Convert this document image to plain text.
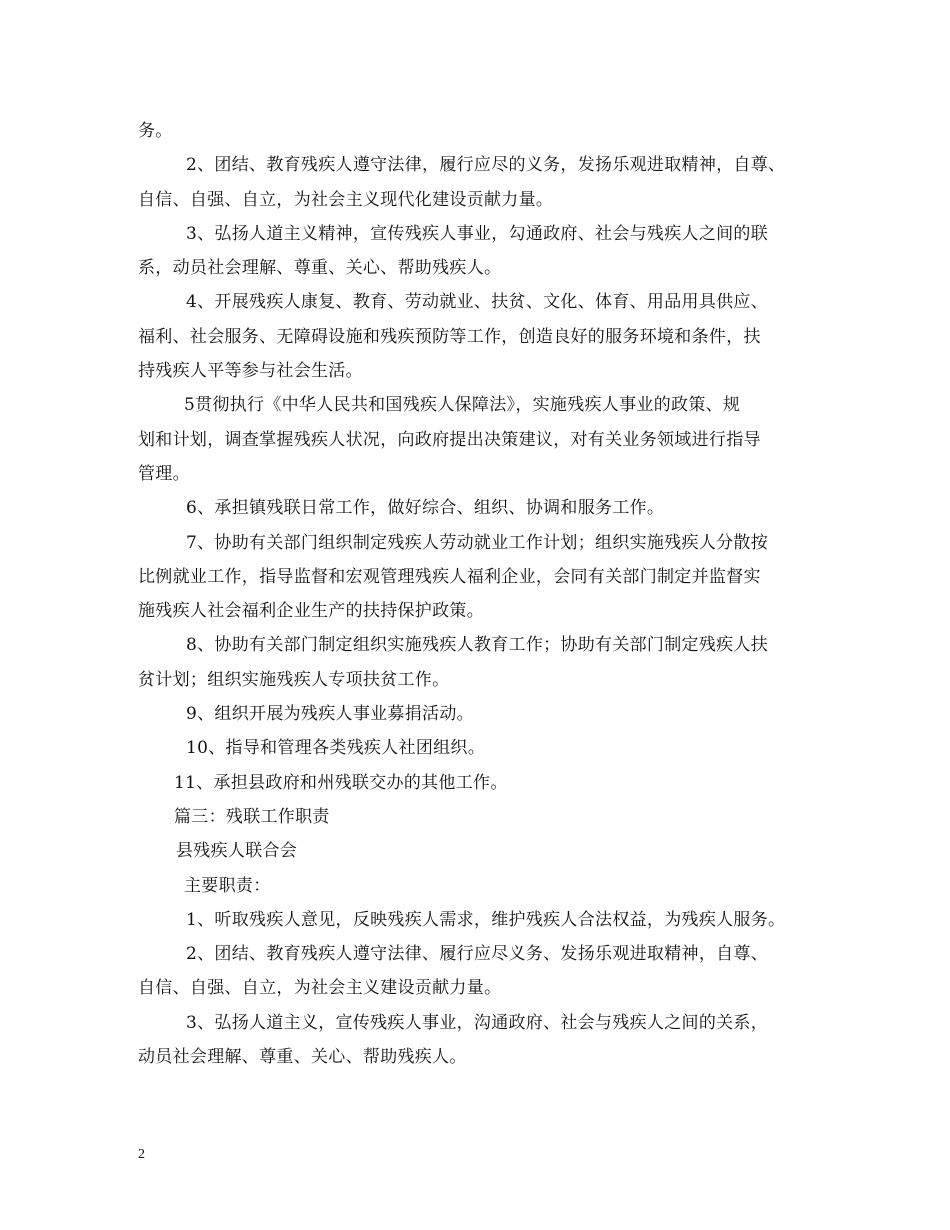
务。
2、团结、教育残疾人遵守法律，履行应尽的义务，发扬乐观进取精神，自尊、
自信、自强、自立，为社会主义现代化建设贡献力量。
3、弘扬人道主义精神，宣传残疾人事业，勾通政府、社会与残疾人之间的联
系，动员社会理解、尊重、关心、帮助残疾人。
4、开展残疾人康复、教育、劳动就业、扶贫、文化、体育、用品用具供应、
福利、社会服务、无障碍设施和残疾预防等工作，创造良好的服务环境和条件，扶
持残疾人平等参与社会生活。
5贯彻执行《中华人民共和国残疾人保障法》，实施残疾人事业的政策、规
划和计划，调查掌握残疾人状况，向政府提出决策建议，对有关业务领域进行指导
管理。
6、承担镇残联日常工作，做好综合、组织、协调和服务工作。
7、协助有关部门组织制定残疾人劳动就业工作计划；组织实施残疾人分散按
比例就业工作，指导监督和宏观管理残疾人福利企业，会同有关部门制定并监督实
施残疾人社会福利企业生产的扶持保护政策。
8、协助有关部门制定组织实施残疾人教育工作；协助有关部门制定残疾人扶
贫计划；组织实施残疾人专项扶贫工作。
9、组织开展为残疾人事业募捐活动。
10、指导和管理各类残疾人社团组织。
11、承担县政府和州残联交办的其他工作。
篇三：残联工作职责
县残疾人联合会
主要职责：
1、听取残疾人意见，反映残疾人需求，维护残疾人合法权益，为残疾人服务。
2、团结、教育残疾人遵守法律、履行应尽义务、发扬乐观进取精神，自尊、
自信、自强、自立，为社会主义建设贡献力量。
3、弘扬人道主义，宣传残疾人事业，沟通政府、社会与残疾人之间的关系，
动员社会理解、尊重、关心、帮助残疾人。
2
